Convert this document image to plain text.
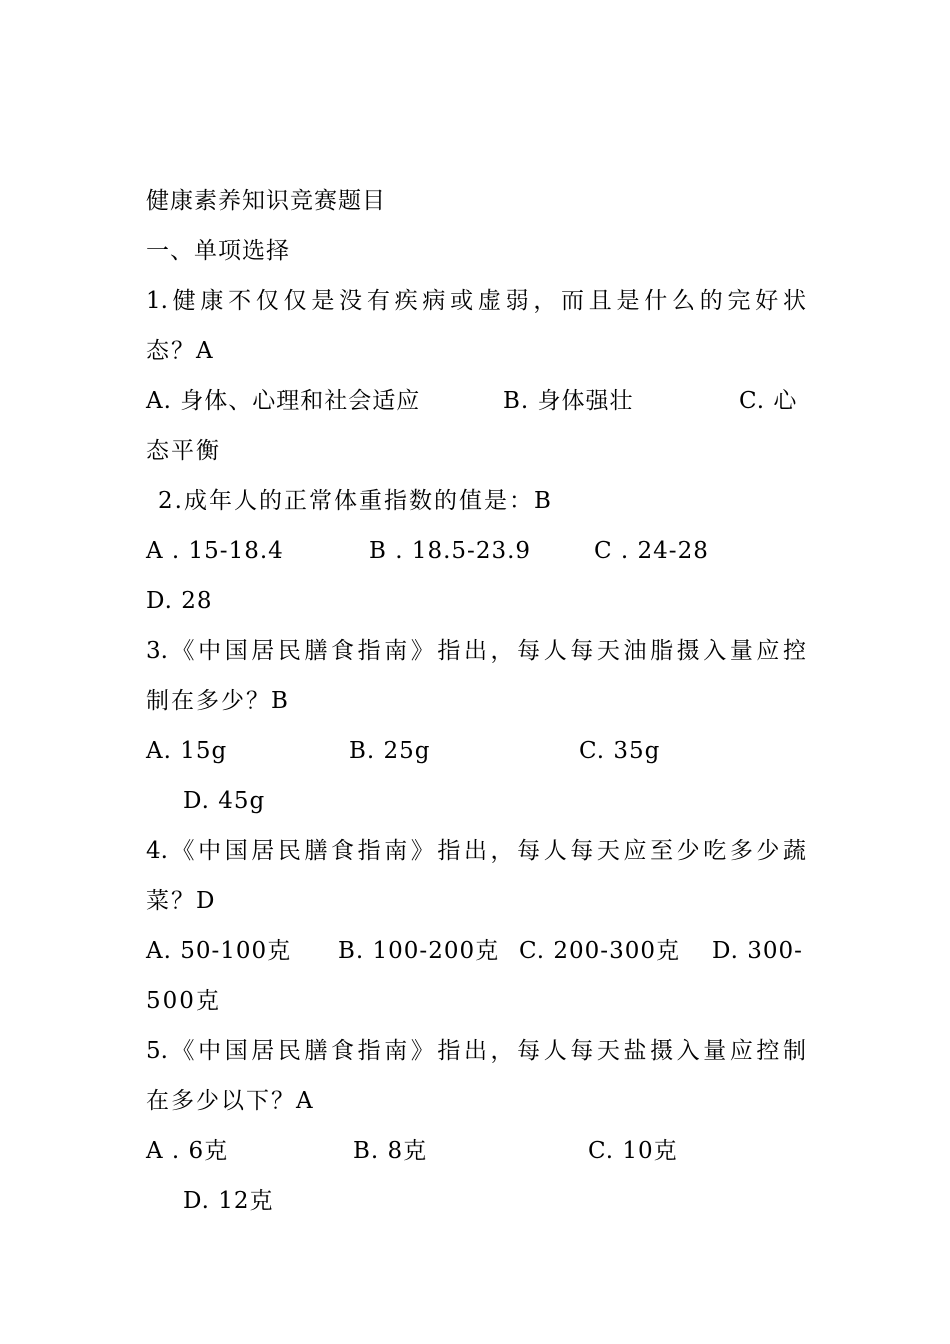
健康素养知识竞赛题目
一、单项选择
1.健康不仅仅是没有疾病或虚弱，而且是什么的完好状
态？A
A. 身体、心理和社会适应	B. 身体强壮	C. 心
态平衡
2.成年人的正常体重指数的值是：B
A . 15-18.4	B . 18.5-23.9	C . 24-28
D. 28
3.《中国居民膳食指南》指出，每人每天油脂摄入量应控
制在多少？B
A. 15g	B. 25g	C. 35g
D. 45g
4.《中国居民膳食指南》指出，每人每天应至少吃多少蔬
菜？D
A. 50-100克 B. 100-200克 C. 200-300克 D. 300-
500克
5.《中国居民膳食指南》指出，每人每天盐摄入量应控制
在多少以下？A
A . 6克	B. 8克	C. 10克
D. 12克
